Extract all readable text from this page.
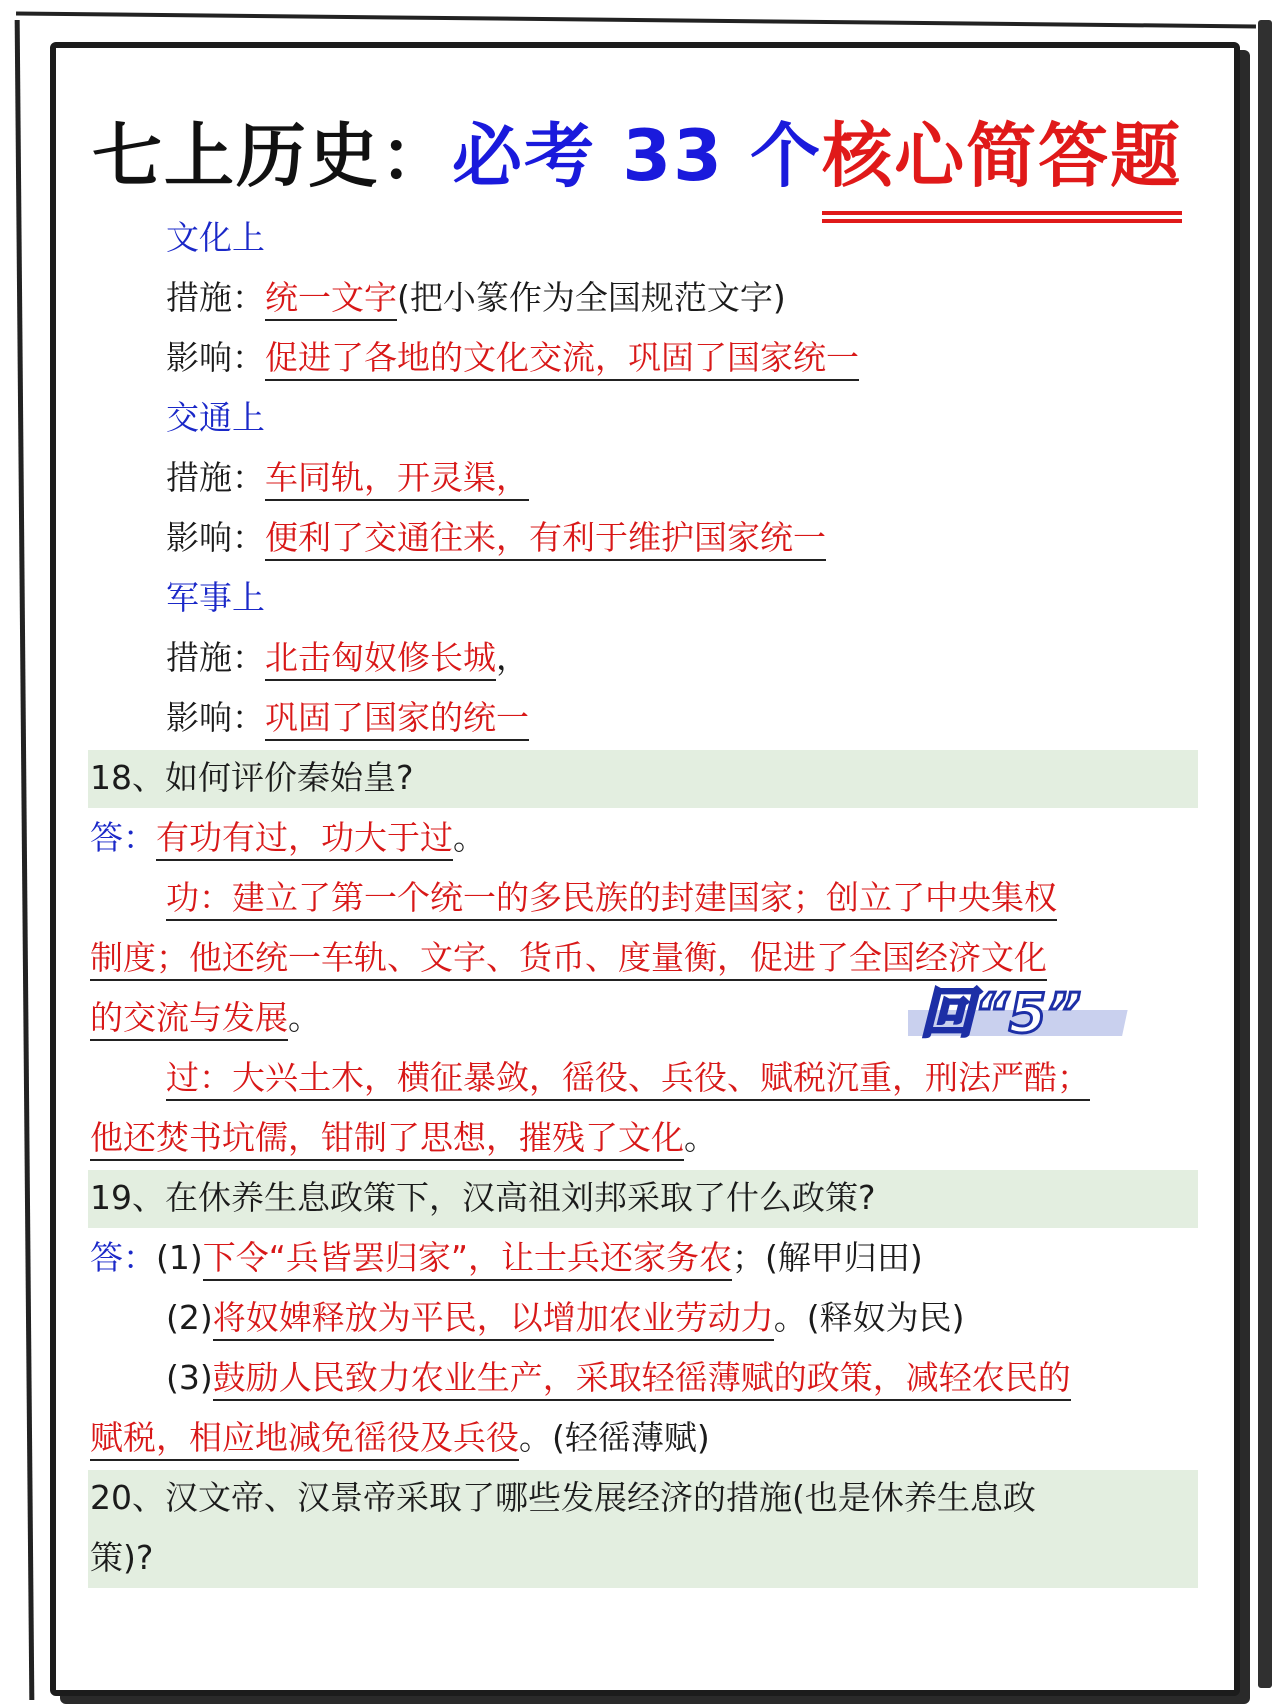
七上历史： 必考 33 个 核心简答题
文化上
措施：统一文字(把小篆作为全国规范文字)
影响：促进了各地的文化交流，巩固了国家统一
交通上
措施：车同轨，开灵渠，
影响：便利了交通往来，有利于维护国家统一
军事上
措施：北击匈奴修长城，
影响：巩固了国家的统一
18、如何评价秦始皇?
答：有功有过，功大于过。
功：建立了第一个统一的多民族的封建国家；创立了中央集权
制度；他还统一车轨、文字、货币、度量衡，促进了全国经济文化
的交流与发展。	回“5”
过：大兴土木，横征暴敛，徭役、兵役、赋税沉重，刑法严酷；
他还焚书坑儒，钳制了思想，摧残了文化。
19、在休养生息政策下，汉高祖刘邦采取了什么政策?
答：(1)下令“兵皆罢归家”，让士兵还家务农；(解甲归田)
(2)将奴婢释放为平民，以增加农业劳动力。(释奴为民)
(3)鼓励人民致力农业生产，采取轻徭薄赋的政策，减轻农民的
赋税，相应地减免徭役及兵役。(轻徭薄赋)
20、汉文帝、汉景帝采取了哪些发展经济的措施(也是休养生息政
策)?
